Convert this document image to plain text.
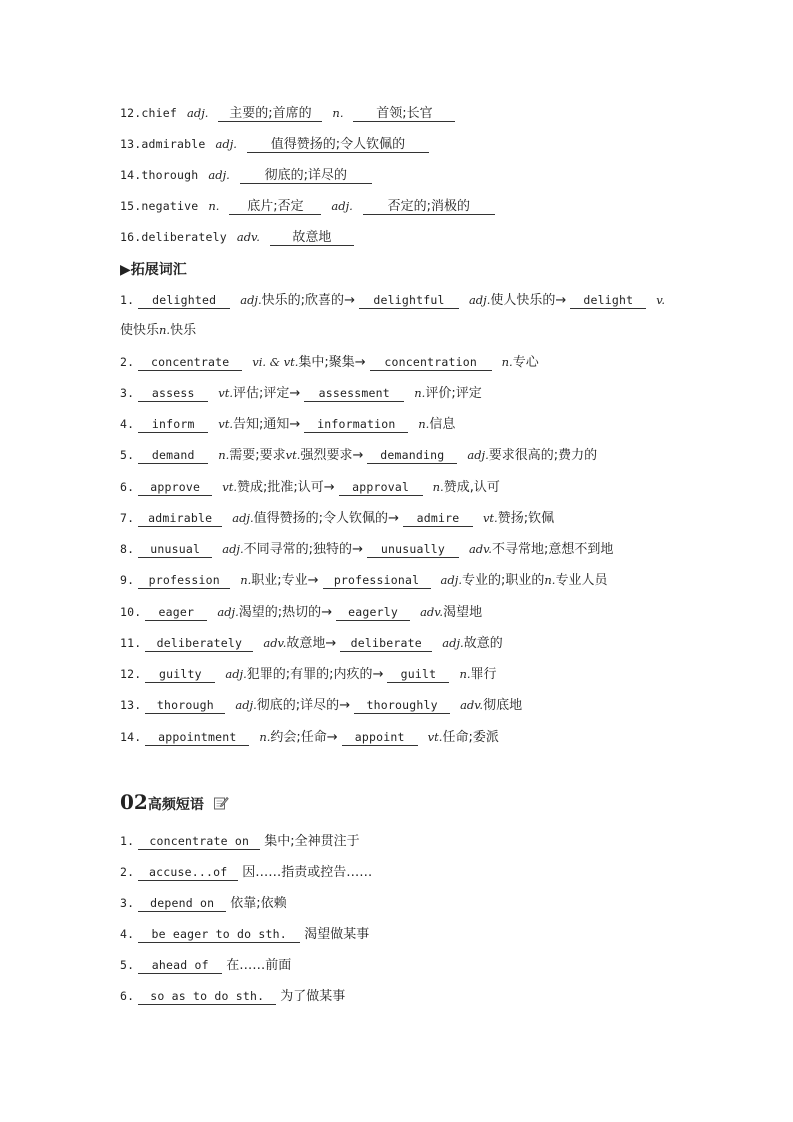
12.chief adj. 主要的;首席的 n.	首领;长官
13.admirable adj.	值得赞扬的;令人钦佩的
14.thorough adj.	彻底的;详尽的
15.negative n. 底片;否定 adj.	否定的;消极的
16.deliberately adv. 故意地
▶拓展词汇
1. delighted adj.快乐的;欣喜的→ delightful adj.使人快乐的→ delight v.
使快乐n.快乐
2. concentrate vi. & vt.集中;聚集→ concentration n.专心
3. assess vt.评估;评定→ assessment n.评价;评定
4. inform vt.告知;通知→ information n.信息
5. demand n.需要;要求vt.强烈要求→ demanding adj.要求很高的;费力的
6. approve vt.赞成;批准;认可→ approval n.赞成,认可
7. admirable adj.值得赞扬的;令人钦佩的→ admire vt.赞扬;钦佩
8. unusual adj.不同寻常的;独特的→ unusually adv.不寻常地;意想不到地
9. profession n.职业;专业→ professional adj.专业的;职业的n.专业人员
10. eager adj.渴望的;热切的→ eagerly adv.渴望地
11. deliberately adv.故意地→ deliberate adj.故意的
12. guilty adj.犯罪的;有罪的;内疚的→ guilt n.罪行
13. thorough adj.彻底的;详尽的→ thoroughly adv.彻底地
14. appointment n.约会;任命→ appoint vt.任命;委派
02高频短语
1. concentrate on 集中;全神贯注于
2. accuse...of 因……指责或控告……
3. depend on 依靠;依赖
4. be eager to do sth. 渴望做某事
5. ahead of 在……前面
6. so as to do sth. 为了做某事
